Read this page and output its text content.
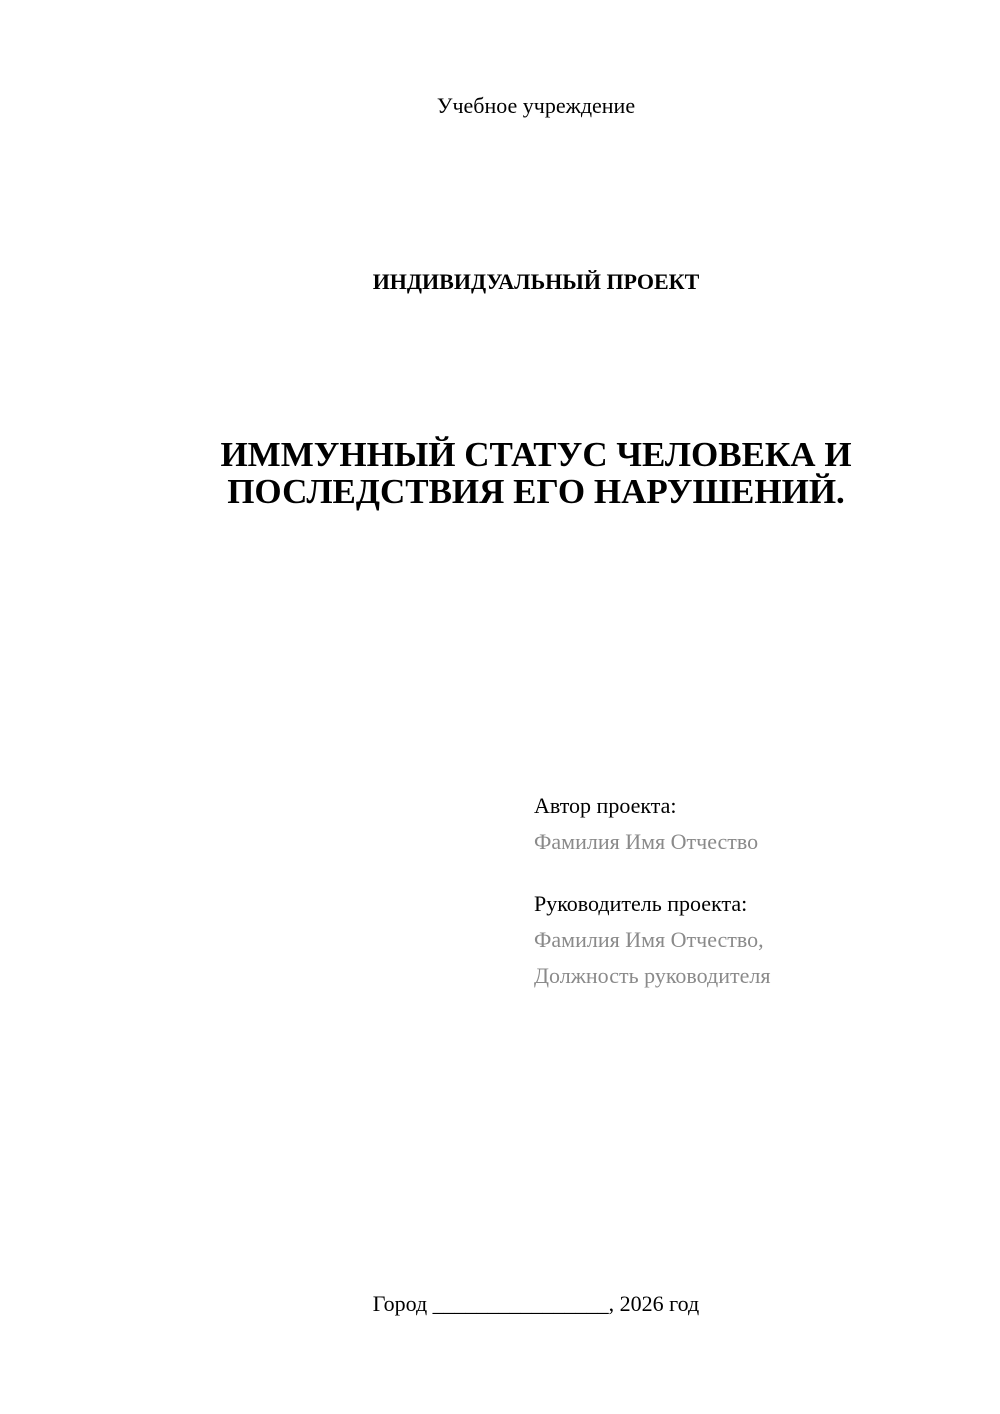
Учебное учреждение
ИНДИВИДУАЛЬНЫЙ ПРОЕКТ
ИММУННЫЙ СТАТУС ЧЕЛОВЕКА И
ПОСЛЕДСТВИЯ ЕГО НАРУШЕНИЙ.
Автор проекта:
Фамилия Имя Отчество
Руководитель проекта:
Фамилия Имя Отчество,
Должность руководителя
Город ________________, 2026 год
